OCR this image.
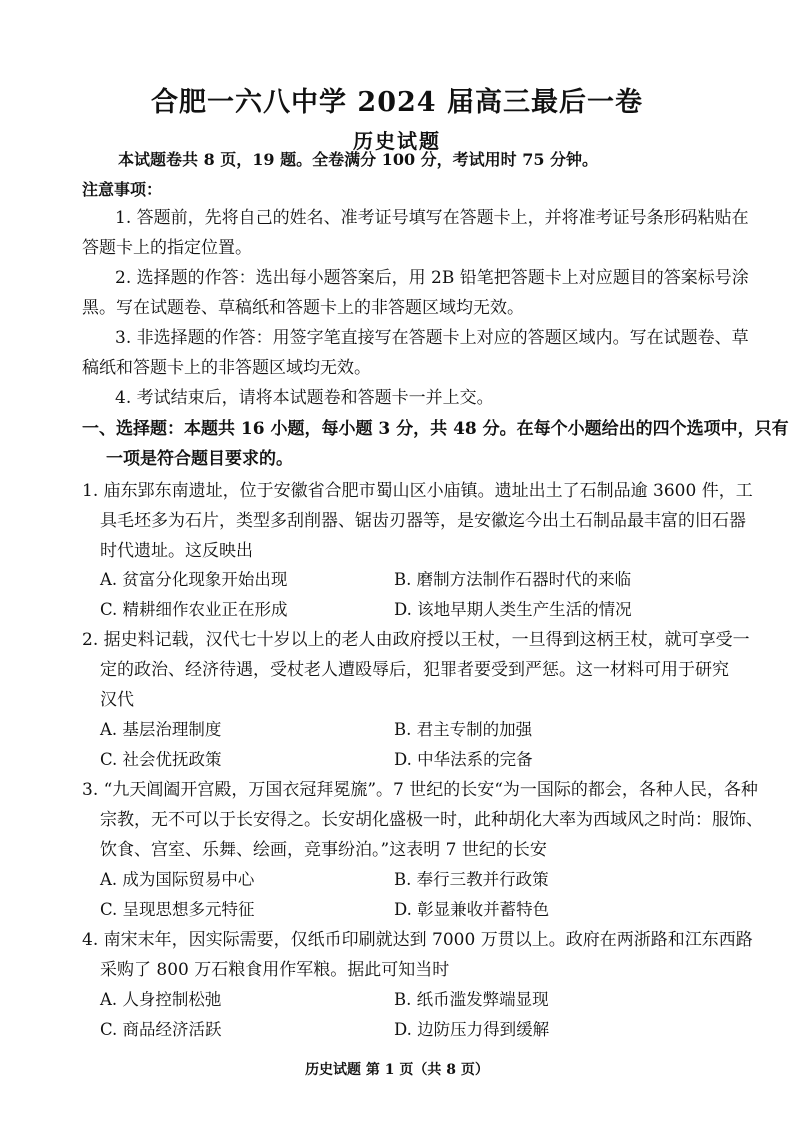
合肥一六八中学 2024 届高三最后一卷
历史试题
本试题卷共 8 页，19 题。全卷满分 100 分，考试用时 75 分钟。
注意事项：
1. 答题前，先将自己的姓名、准考证号填写在答题卡上，并将准考证号条形码粘贴在
答题卡上的指定位置。
2. 选择题的作答：选出每小题答案后，用 2B 铅笔把答题卡上对应题目的答案标号涂
黑。写在试题卷、草稿纸和答题卡上的非答题区域均无效。
3. 非选择题的作答：用签字笔直接写在答题卡上对应的答题区域内。写在试题卷、草
稿纸和答题卡上的非答题区域均无效。
4. 考试结束后，请将本试题卷和答题卡一并上交。
一、选择题：本题共 16 小题，每小题 3 分，共 48 分。在每个小题给出的四个选项中，只有
一项是符合题目要求的。
1. 庙东郢东南遗址，位于安徽省合肥市蜀山区小庙镇。遗址出土了石制品逾 3600 件，工
具毛坯多为石片，类型多刮削器、锯齿刃器等，是安徽迄今出土石制品最丰富的旧石器
时代遗址。这反映出
A. 贫富分化现象开始出现	B. 磨制方法制作石器时代的来临
C. 精耕细作农业正在形成	D. 该地早期人类生产生活的情况
2. 据史料记载，汉代七十岁以上的老人由政府授以王杖，一旦得到这柄王杖，就可享受一
定的政治、经济待遇，受杖老人遭殴辱后，犯罪者要受到严惩。这一材料可用于研究
汉代
A. 基层治理制度	B. 君主专制的加强
C. 社会优抚政策	D. 中华法系的完备
3. “九天阊阖开宫殿，万国衣冠拜冕旒”。7 世纪的长安“为一国际的都会，各种人民，各种
宗教，无不可以于长安得之。长安胡化盛极一时，此种胡化大率为西域风之时尚：服饰、
饮食、宫室、乐舞、绘画，竞事纷泊。”这表明 7 世纪的长安
A. 成为国际贸易中心	B. 奉行三教并行政策
C. 呈现思想多元特征	D. 彰显兼收并蓄特色
4. 南宋末年，因实际需要，仅纸币印刷就达到 7000 万贯以上。政府在两浙路和江东西路
采购了 800 万石粮食用作军粮。据此可知当时
A. 人身控制松弛	B. 纸币滥发弊端显现
C. 商品经济活跃	D. 边防压力得到缓解
历史试题 第 1 页（共 8 页）
